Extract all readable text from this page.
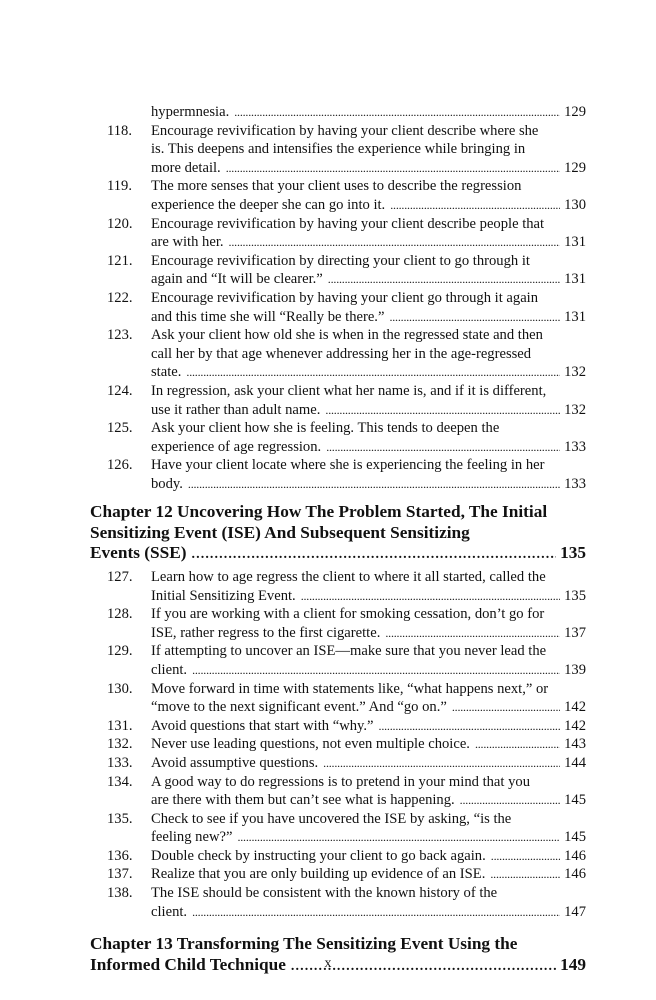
hypermnesia. . . .	129
118. Encourage revivification by having your client describe where she
is. This deepens and intensifies the experience while bringing in
more detail. . . .	129
119. The more senses that your client uses to describe the regression
experience the deeper she can go into it. . . .	130
120. Encourage revivification by having your client describe people that
are with her. . . .	131
121. Encourage revivification by directing your client to go through it
again and “It will be clearer.” . . .	131
122. Encourage revivification by having your client go through it again
and this time she will “Really be there.” . . .	131
123. Ask your client how old she is when in the regressed state and then
call her by that age whenever addressing her in the age-regressed
state. . . .	132
124. In regression, ask your client what her name is, and if it is different,
use it rather than adult name. . . .	132
125. Ask your client how she is feeling. This tends to deepen the
experience of age regression. . . .	133
126. Have your client locate where she is experiencing the feeling in her
body. . . .	133
Chapter 12 Uncovering How The Problem Started, The Initial
Sensitizing Event (ISE) And Subsequent Sensitizing
Events (SSE) . . .	135
127. Learn how to age regress the client to where it all started, called the
Initial Sensitizing Event. . . .	135
128. If you are working with a client for smoking cessation, don’t go for
ISE, rather regress to the first cigarette. . . .	137
129. If attempting to uncover an ISE—make sure that you never lead the
client. . . .	139
130. Move forward in time with statements like, “what happens next,” or
“move to the next significant event.” And “go on.” . . .	142
131. Avoid questions that start with “why.” . . .	142
132. Never use leading questions, not even multiple choice. . . .	143
133. Avoid assumptive questions. . . .	144
134. A good way to do regressions is to pretend in your mind that you
are there with them but can’t see what is happening. . . .	145
135. Check to see if you have uncovered the ISE by asking, “is the
feeling new?” . . .	145
136. Double check by instructing your client to go back again. . . .	146
137. Realize that you are only building up evidence of an ISE. . . .	146
138. The ISE should be consistent with the known history of the
client. . . .	147
Chapter 13 Transforming The Sensitizing Event Using the
Informed Child Technique . . .	149
x
